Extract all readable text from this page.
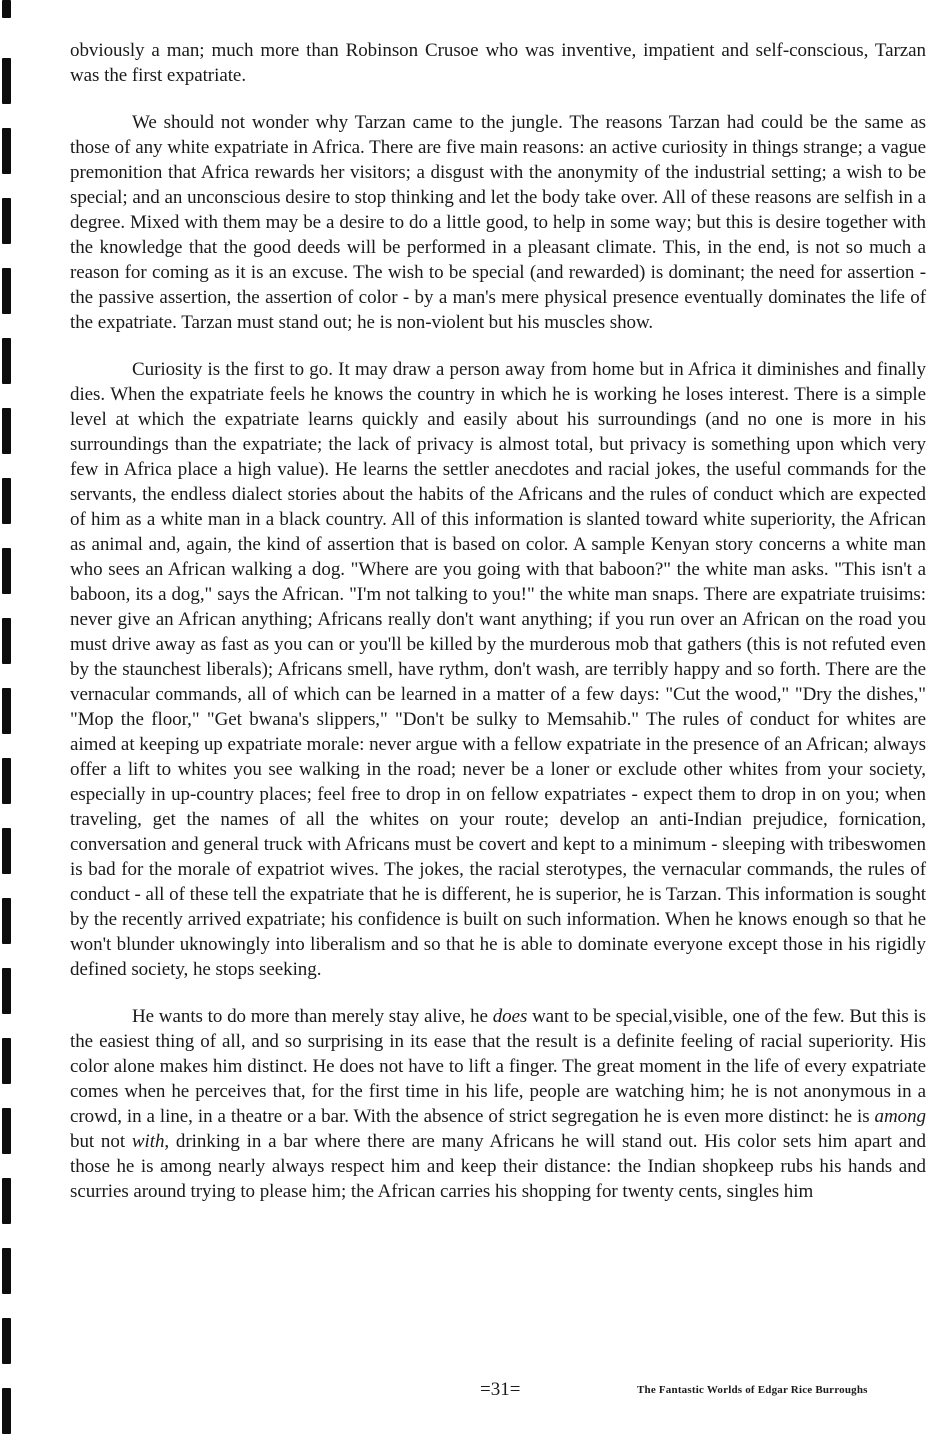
obviously a man; much more than Robinson Crusoe who was inventive, impatient and self-conscious, Tarzan was the first expatriate.

We should not wonder why Tarzan came to the jungle. The reasons Tarzan had could be the same as those of any white expatriate in Africa. There are five main reasons: an active curiosity in things strange; a vague premonition that Africa rewards her visitors; a disgust with the anonymity of the industrial setting; a wish to be special; and an unconscious desire to stop thinking and let the body take over. All of these reasons are selfish in a degree. Mixed with them may be a desire to do a little good, to help in some way; but this is desire together with the knowledge that the good deeds will be performed in a pleasant climate. This, in the end, is not so much a reason for coming as it is an excuse. The wish to be special (and rewarded) is dominant; the need for assertion - the passive assertion, the assertion of color - by a man's mere physical presence eventually dominates the life of the expatriate. Tarzan must stand out; he is non-violent but his muscles show.

Curiosity is the first to go. It may draw a person away from home but in Africa it diminishes and finally dies. When the expatriate feels he knows the country in which he is working he loses interest. There is a simple level at which the expatriate learns quickly and easily about his surroundings (and no one is more in his surroundings than the expatriate; the lack of privacy is almost total, but privacy is something upon which very few in Africa place a high value). He learns the settler anecdotes and racial jokes, the useful commands for the servants, the endless dialect stories about the habits of the Africans and the rules of conduct which are expected of him as a white man in a black country. All of this information is slanted toward white superiority, the African as animal and, again, the kind of assertion that is based on color. A sample Kenyan story concerns a white man who sees an African walking a dog. "Where are you going with that baboon?" the white man asks. "This isn't a baboon, its a dog," says the African. "I'm not talking to you!" the white man snaps. There are expatriate truisims: never give an African anything; Africans really don't want anything; if you run over an African on the road you must drive away as fast as you can or you'll be killed by the murderous mob that gathers (this is not refuted even by the staunchest liberals); Africans smell, have rythm, don't wash, are terribly happy and so forth. There are the vernacular commands, all of which can be learned in a matter of a few days: "Cut the wood," "Dry the dishes," "Mop the floor," "Get bwana's slippers," "Don't be sulky to Memsahib." The rules of conduct for whites are aimed at keeping up expatriate morale: never argue with a fellow expatriate in the presence of an African; always offer a lift to whites you see walking in the road; never be a loner or exclude other whites from your society, especially in up-country places; feel free to drop in on fellow expatriates - expect them to drop in on you; when traveling, get the names of all the whites on your route; develop an anti-Indian prejudice, fornication, conversation and general truck with Africans must be covert and kept to a minimum - sleeping with tribeswomen is bad for the morale of expatriot wives. The jokes, the racial sterotypes, the vernacular commands, the rules of conduct - all of these tell the expatriate that he is different, he is superior, he is Tarzan. This information is sought by the recently arrived expatriate; his confidence is built on such information. When he knows enough so that he won't blunder uknowingly into liberalism and so that he is able to dominate everyone except those in his rigidly defined society, he stops seeking.

He wants to do more than merely stay alive, he does want to be special,visible, one of the few. But this is the easiest thing of all, and so surprising in its ease that the result is a definite feeling of racial superiority. His color alone makes him distinct. He does not have to lift a finger. The great moment in the life of every expatriate comes when he perceives that, for the first time in his life, people are watching him; he is not anonymous in a crowd, in a line, in a theatre or a bar. With the absence of strict segregation he is even more distinct: he is among but not with, drinking in a bar where there are many Africans he will stand out. His color sets him apart and those he is among nearly always respect him and keep their distance: the Indian shopkeep rubs his hands and scurries around trying to please him; the African carries his shopping for twenty cents, singles him

=31=	The Fantastic Worlds of Edgar Rice Burroughs
